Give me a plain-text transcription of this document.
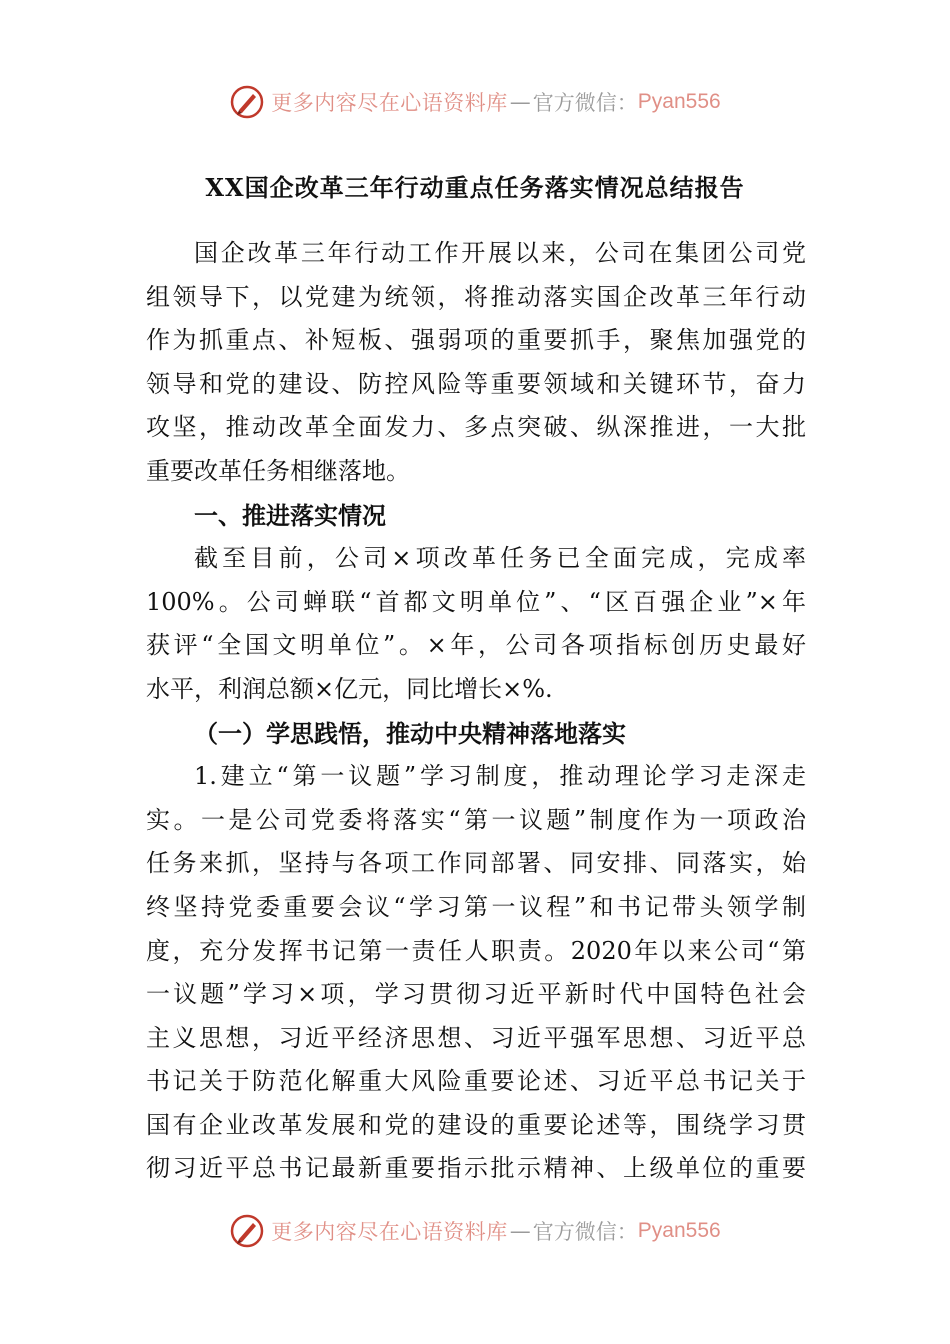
更多内容尽在心语资料库 — 官方微信： Pyan556
XX国企改革三年行动重点任务落实情况总结报告
国企改革三年行动工作开展以来，公司在集团公司党
组领导下，以党建为统领，将推动落实国企改革三年行动
作为抓重点、补短板、强弱项的重要抓手，聚焦加强党的
领导和党的建设、防控风险等重要领域和关键环节，奋力
攻坚，推动改革全面发力、多点突破、纵深推进，一大批
重要改革任务相继落地。
一、推进落实情况
截至目前，公司×项改革任务已全面完成，完成率
100%。公司蝉联“首都文明单位”、“区百强企业”×年
获评“全国文明单位”。×年，公司各项指标创历史最好
水平，利润总额×亿元，同比增长×%.
（一）学思践悟，推动中央精神落地落实
1.建立“第一议题”学习制度，推动理论学习走深走
实。一是公司党委将落实“第一议题”制度作为一项政治
任务来抓，坚持与各项工作同部署、同安排、同落实，始
终坚持党委重要会议“学习第一议程”和书记带头领学制
度，充分发挥书记第一责任人职责。2020年以来公司“第
一议题”学习×项，学习贯彻习近平新时代中国特色社会
主义思想，习近平经济思想、习近平强军思想、习近平总
书记关于防范化解重大风险重要论述、习近平总书记关于
国有企业改革发展和党的建设的重要论述等，围绕学习贯
彻习近平总书记最新重要指示批示精神、上级单位的重要
更多内容尽在心语资料库 — 官方微信： Pyan556
